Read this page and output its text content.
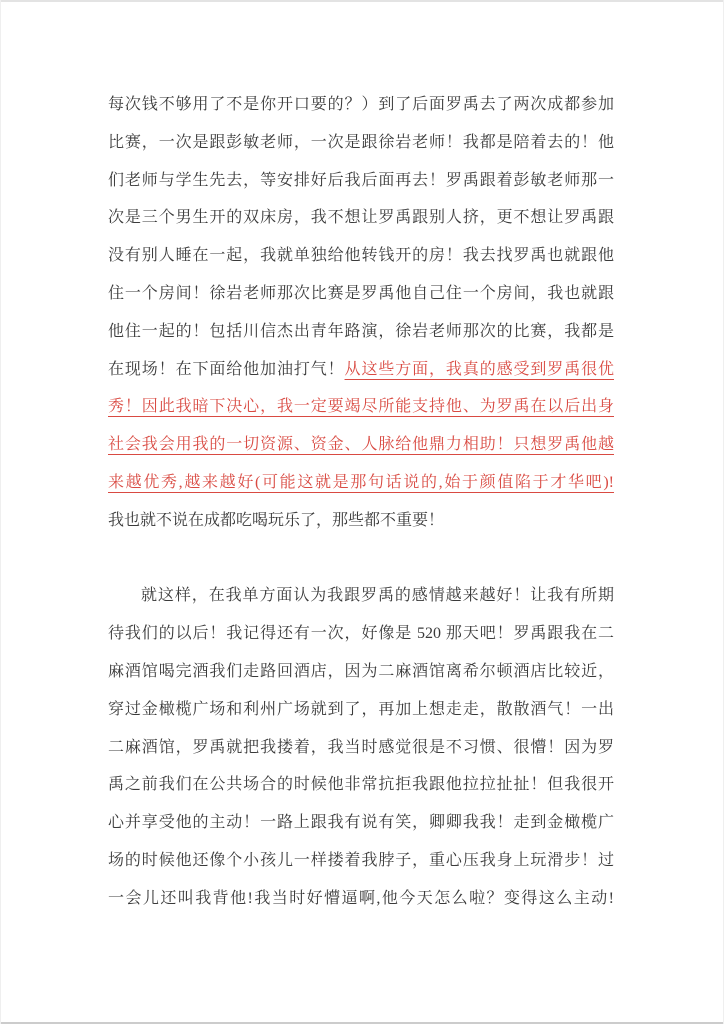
每次钱不够用了不是你开口要的？）到了后面罗禹去了两次成都参加
比赛，一次是跟彭敏老师，一次是跟徐岩老师！我都是陪着去的！他
们老师与学生先去，等安排好后我后面再去！罗禹跟着彭敏老师那一
次是三个男生开的双床房，我不想让罗禹跟别人挤，更不想让罗禹跟
没有别人睡在一起，我就单独给他转钱开的房！我去找罗禹也就跟他
住一个房间！徐岩老师那次比赛是罗禹他自己住一个房间，我也就跟
他住一起的！包括川信杰出青年路演，徐岩老师那次的比赛，我都是
在现场！在下面给他加油打气！从这些方面，我真的感受到罗禹很优
秀！因此我暗下决心，我一定要竭尽所能支持他、为罗禹在以后出身
社会我会用我的一切资源、资金、人脉给他鼎力相助！只想罗禹他越
来越优秀,越来越好(可能这就是那句话说的,始于颜值陷于才华吧)!
我也就不说在成都吃喝玩乐了，那些都不重要！
就这样，在我单方面认为我跟罗禹的感情越来越好！让我有所期
待我们的以后！我记得还有一次，好像是 520 那天吧！罗禹跟我在二
麻酒馆喝完酒我们走路回酒店，因为二麻酒馆离希尔顿酒店比较近，
穿过金橄榄广场和利州广场就到了，再加上想走走，散散酒气！一出
二麻酒馆，罗禹就把我搂着，我当时感觉很是不习惯、很懵！因为罗
禹之前我们在公共场合的时候他非常抗拒我跟他拉拉扯扯！但我很开
心并享受他的主动！一路上跟我有说有笑，卿卿我我！走到金橄榄广
场的时候他还像个小孩儿一样搂着我脖子，重心压我身上玩滑步！过
一会儿还叫我背他!我当时好懵逼啊,他今天怎么啦？变得这么主动!
